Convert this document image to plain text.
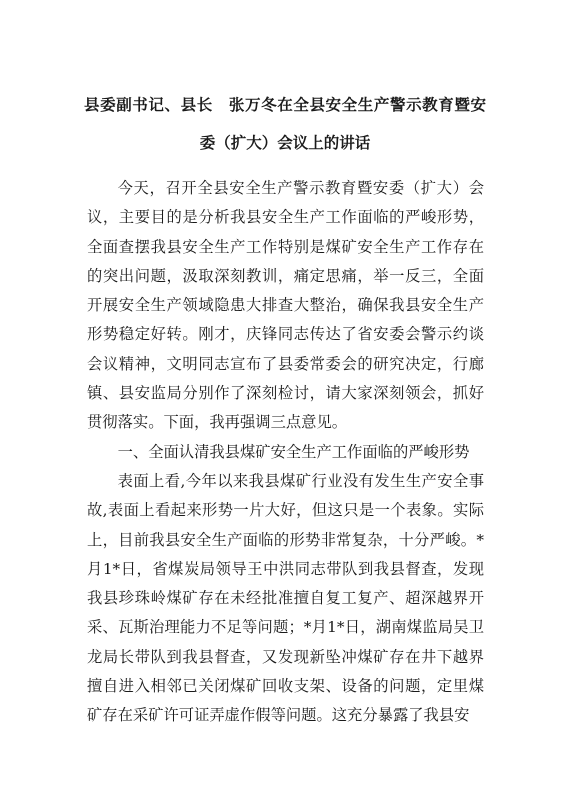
县委副书记、县长　张万冬在全县安全生产警示教育暨安
委（扩大）会议上的讲话

今天，召开全县安全生产警示教育暨安委（扩大）会议，主要目的是分析我县安全生产工作面临的严峻形势，全面查摆我县安全生产工作特别是煤矿安全生产工作存在的突出问题，汲取深刻教训，痛定思痛，举一反三，全面开展安全生产领域隐患大排查大整治，确保我县安全生产形势稳定好转。刚才，庆锋同志传达了省安委会警示约谈会议精神，文明同志宣布了县委常委会的研究决定，行廊镇、县安监局分别作了深刻检讨，请大家深刻领会，抓好贯彻落实。下面，我再强调三点意见。

一、全面认清我县煤矿安全生产工作面临的严峻形势

表面上看,今年以来我县煤矿行业没有发生生产安全事故,表面上看起来形势一片大好，但这只是一个表象。实际上，目前我县安全生产面临的形势非常复杂，十分严峻。*月1*日，省煤炭局领导王中洪同志带队到我县督查，发现我县珍珠岭煤矿存在未经批准擅自复工复产、超深越界开采、瓦斯治理能力不足等问题；*月1*日，湖南煤监局吴卫龙局长带队到我县督查，又发现新坠冲煤矿存在井下越界擅自进入相邻已关闭煤矿回收支架、设备的问题，定里煤矿存在采矿许可证弄虚作假等问题。这充分暴露了我县安
